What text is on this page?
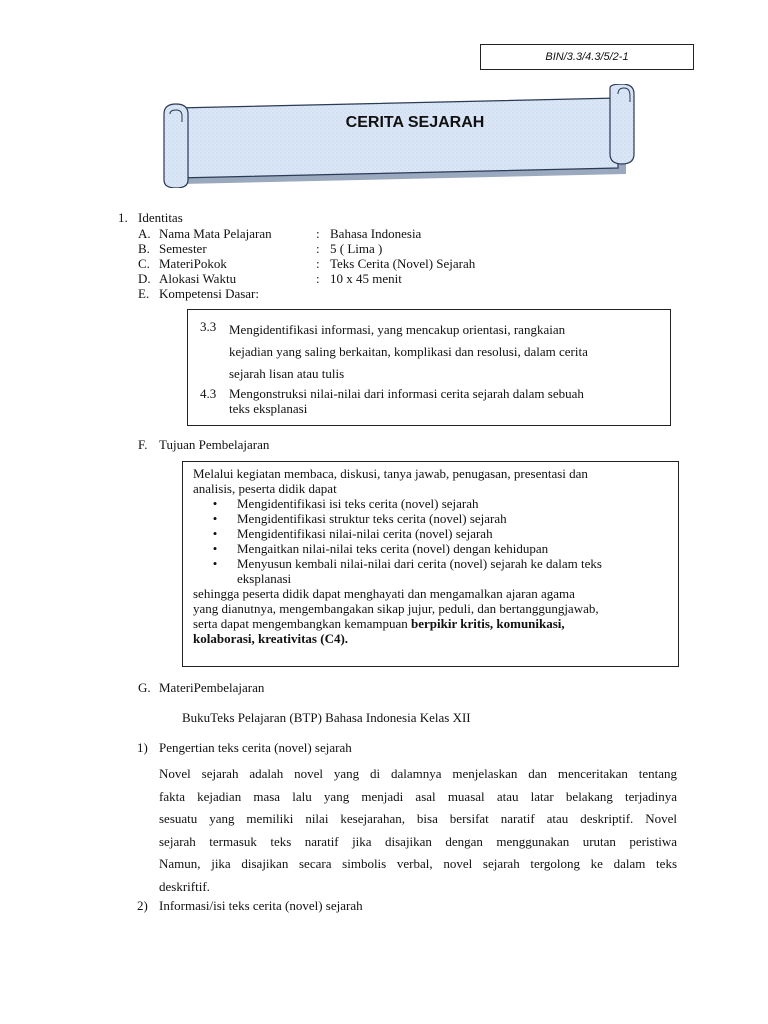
BIN/3.3/4.3/5/2-1
CERITA SEJARAH
1. Identitas
A. Nama Mata Pelajaran	: Bahasa Indonesia
B. Semester	: 5 ( Lima )
C. MateriPokok	: Teks Cerita (Novel) Sejarah
D. Alokasi Waktu	: 10 x 45 menit
E. Kompetensi Dasar:
3.3 Mengidentifikasi informasi, yang mencakup orientasi, rangkaian

kejadian yang saling berkaitan, komplikasi dan resolusi, dalam cerita

sejarah lisan atau tulis

4.3 Mengonstruksi nilai-nilai dari informasi cerita sejarah dalam sebuah

teks eksplanasi

F. Tujuan Pembelajaran
Melalui kegiatan membaca, diskusi, tanya jawab, penugasan, presentasi dan
analisis, peserta didik dapat
•	Mengidentifikasi isi teks cerita (novel) sejarah
•	Mengidentifikasi struktur teks cerita (novel) sejarah
•	Mengidentifikasi nilai-nilai cerita (novel) sejarah
•	Mengaitkan nilai-nilai teks cerita (novel) dengan kehidupan
•	Menyusun kembali nilai-nilai dari cerita (novel) sejarah ke dalam teks
eksplanasi
sehingga peserta didik dapat menghayati dan mengamalkan ajaran agama
yang dianutnya, mengembangakan sikap jujur, peduli, dan bertanggungjawab,
serta dapat mengembangkan kemampuan berpikir kritis, komunikasi,
kolaborasi, kreativitas (C4).
G. MateriPembelajaran
BukuTeks Pelajaran (BTP) Bahasa Indonesia Kelas XII
1) Pengertian teks cerita (novel) sejarah
Novel sejarah adalah novel yang di dalamnya menjelaskan dan menceritakan tentang
fakta kejadian masa lalu yang menjadi asal muasal atau latar belakang terjadinya
sesuatu yang memiliki nilai kesejarahan, bisa bersifat naratif atau deskriptif. Novel
sejarah termasuk teks naratif jika disajikan dengan menggunakan urutan peristiwa
Namun, jika disajikan secara simbolis verbal, novel sejarah tergolong ke dalam teks
deskriftif.
2) Informasi/isi teks cerita (novel) sejarah
